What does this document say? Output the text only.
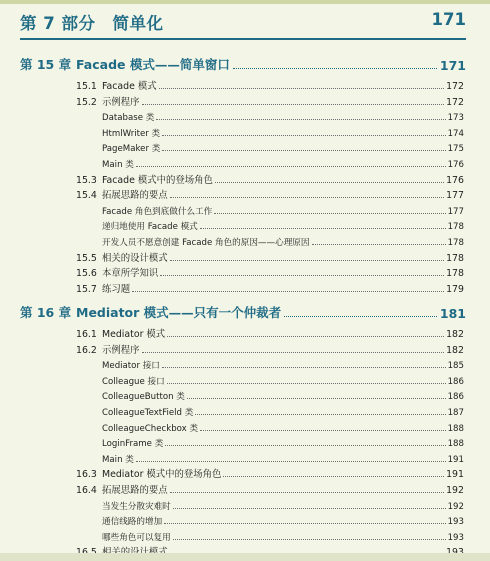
第 7 部分　简单化	171
第 15 章 Facade 模式——简单窗口	171
15.1 Facade 模式	172
15.2 示例程序	172
Database 类	173
HtmlWriter 类	174
PageMaker 类	175
Main 类	176
15.3 Facade 模式中的登场角色	176
15.4 拓展思路的要点	177
Facade 角色到底做什么工作	177
递归地使用 Facade 模式	178
开发人员不愿意创建 Facade 角色的原因——心理原因	178
15.5 相关的设计模式	178
15.6 本章所学知识	178
15.7 练习题	179
第 16 章 Mediator 模式——只有一个仲裁者	181
16.1 Mediator 模式	182
16.2 示例程序	182
Mediator 接口	185
Colleague 接口	186
ColleagueButton 类	186
ColleagueTextField 类	187
ColleagueCheckbox 类	188
LoginFrame 类	188
Main 类	191
16.3 Mediator 模式中的登场角色	191
16.4 拓展思路的要点	192
当发生分散灾难时	192
通信线路的增加	193
哪些角色可以复用	193
